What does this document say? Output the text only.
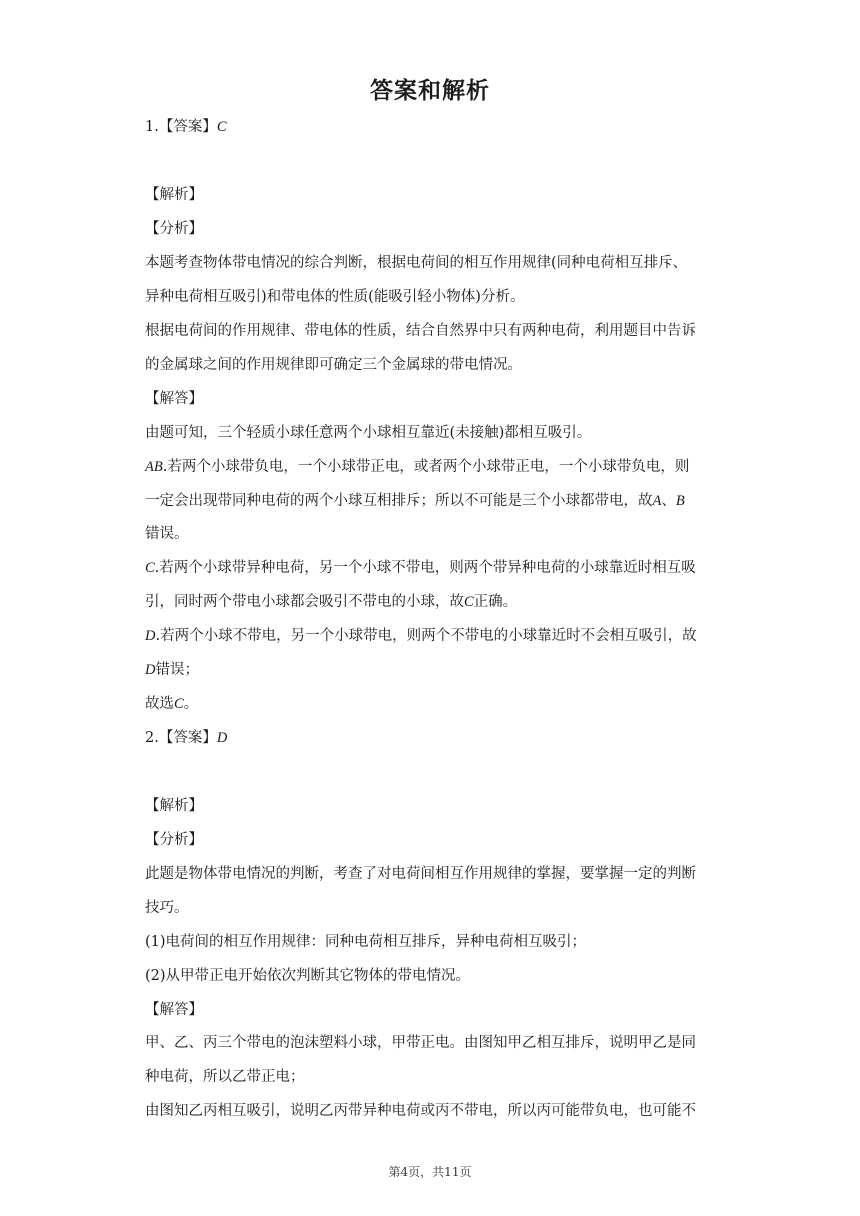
答案和解析
1.【答案】C
【解析】
【分析】
本题考查物体带电情况的综合判断，根据电荷间的相互作用规律(同种电荷相互排斥、
异种电荷相互吸引)和带电体的性质(能吸引轻小物体)分析。
根据电荷间的作用规律、带电体的性质，结合自然界中只有两种电荷，利用题目中告诉
的金属球之间的作用规律即可确定三个金属球的带电情况。
【解答】
由题可知，三个轻质小球任意两个小球相互靠近(未接触)都相互吸引。
AB.若两个小球带负电，一个小球带正电，或者两个小球带正电，一个小球带负电，则
一定会出现带同种电荷的两个小球互相排斥；所以不可能是三个小球都带电，故A、B
错误。
C.若两个小球带异种电荷，另一个小球不带电，则两个带异种电荷的小球靠近时相互吸
引，同时两个带电小球都会吸引不带电的小球，故C正确。
D.若两个小球不带电，另一个小球带电，则两个不带电的小球靠近时不会相互吸引，故
D错误；
故选C。
2.【答案】D
【解析】
【分析】
此题是物体带电情况的判断，考查了对电荷间相互作用规律的掌握，要掌握一定的判断
技巧。
(1)电荷间的相互作用规律：同种电荷相互排斥，异种电荷相互吸引；
(2)从甲带正电开始依次判断其它物体的带电情况。
【解答】
甲、乙、丙三个带电的泡沫塑料小球，甲带正电。由图知甲乙相互排斥，说明甲乙是同
种电荷，所以乙带正电；
由图知乙丙相互吸引，说明乙丙带异种电荷或丙不带电，所以丙可能带负电，也可能不
第4页，共11页
